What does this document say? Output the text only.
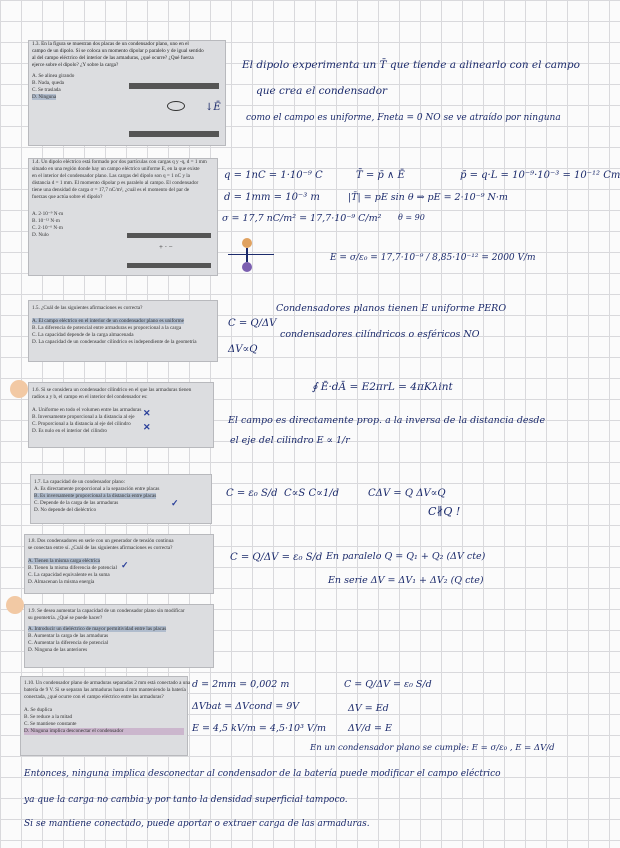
1.3. En la figura se muestran dos placas de un condensador plano, uno en el

campo de un dipolo. Si se coloca un momento dipolar p paralelo y de igual sentido

al del campo eléctrico del interior de las armaduras, ¿qué ocurre? ¿Qué fuerza

ejerce sobre el dipolo? ¿Y sobre la carga?

A. Se alinea girando

B. Nada, queda

C. Se traslada

D. Ninguna

↓Ē

1.4. Un dipolo eléctrico está formado por dos partículas con cargas q y -q, d = 1 mm

situado en una región donde hay un campo eléctrico uniforme E, en la que existe

en el interior del condensador plano. Las cargas del dipolo son q = 1 nC y la

distancia d = 1 mm. El momento dipolar p es paralelo al campo. El condensador

tiene una densidad de carga σ = 17,7 nC/m², ¿cuál es el momento del par de

fuerzas que actúa sobre el dipolo?

A. 2·10⁻⁹ N·m

B. 10⁻¹² N·m

C. 2·10⁻⁶ N·m

D. Nulo

+ · −

1.5. ¿Cuál de las siguientes afirmaciones es correcta?

A. El campo eléctrico en el interior de un condensador plano es uniforme

B. La diferencia de potencial entre armaduras es proporcional a la carga

C. La capacidad depende de la carga almacenada

D. La capacidad de un condensador cilíndrico es independiente de la geometría

1.6. Si se considera un condensador cilíndrico en el que las armaduras tienen

radios a y b, el campo en el interior del condensador es:

A. Uniforme en todo el volumen entre las armaduras

B. Inversamente proporcional a la distancia al eje

C. Proporcional a la distancia al eje del cilindro

D. Es nulo en el interior del cilindro

✕
✕

1.7. La capacidad de un condensador plano:

A. Es directamente proporcional a la separación entre placas

B. Es inversamente proporcional a la distancia entre placas

C. Depende de la carga de las armaduras

D. No depende del dieléctrico

✓

1.8. Dos condensadores en serie con un generador de tensión continua

se conectan entre sí. ¿Cuál de las siguientes afirmaciones es correcta?

A. Tienen la misma carga eléctrica

B. Tienen la misma diferencia de potencial

C. La capacidad equivalente es la suma

D. Almacenan la misma energía

✓

1.9. Se desea aumentar la capacidad de un condensador plano sin modificar

su geometría. ¿Qué se puede hacer?

A. Introducir un dieléctrico de mayor permitividad entre las placas

B. Aumentar la carga de las armaduras

C. Aumentar la diferencia de potencial

D. Ninguna de las anteriores

1.10. Un condensador plano de armaduras separadas 2 mm está conectado a una

batería de 9 V. Si se separan las armaduras hasta 4 mm manteniendo la batería

conectada, ¿qué ocurre con el campo eléctrico entre las armaduras?

A. Se duplica

B. Se reduce a la mitad

C. Se mantiene constante

D. Ninguna implica desconectar el condensador

El dipolo experimenta un T̄ que tiende a alinearlo con el campo
que crea el condensador
como el campo es uniforme, Fneta = 0 NO se ve atraído por ninguna
q = 1nC = 1·10⁻⁹ C
d = 1mm = 10⁻³ m
σ = 17,7 nC/m² = 17,7·10⁻⁹ C/m²
T̄ = p̄ ∧ Ē
|T̄| = pE sin θ ⇒ pE = 2·10⁻⁹ N·m
θ = 90
p̄ = q·L = 10⁻⁹·10⁻³ = 10⁻¹² Cm
E = σ/ε₀ = 17,7·10⁻⁹ / 8,85·10⁻¹² = 2000 V/m
C = Q/ΔV
ΔV∝Q
Condensadores planos tienen E uniforme PERO
condensadores cilíndricos o esféricos NO
∮ Ē·dĀ = E2πrL = 4πKλint
El campo es directamente prop. a la inversa de la distancia desde
el eje del cilindro E ∝ 1/r
C = ε₀ S/d C∝S C∝1/d	CΔV = Q ΔV∝Q
C∦Q !
C = Q/ΔV = ε₀ S/d En paralelo Q = Q₁ + Q₂ (ΔV cte)
En serie ΔV = ΔV₁ + ΔV₂ (Q cte)
d = 2mm = 0,002 m
ΔVbat = ΔVcond = 9V
E = 4,5 kV/m = 4,5·10³ V/m
C = Q/ΔV = ε₀ S/d
ΔV = Ed
ΔV/d = E
En un condensador plano se cumple: E = σ/ε₀ , E = ΔV/d
Entonces, ninguna implica desconectar al condensador de la batería puede modificar el campo eléctrico
ya que la carga no cambia y por tanto la densidad superficial tampoco.
Si se mantiene conectado, puede aportar o extraer carga de las armaduras.
